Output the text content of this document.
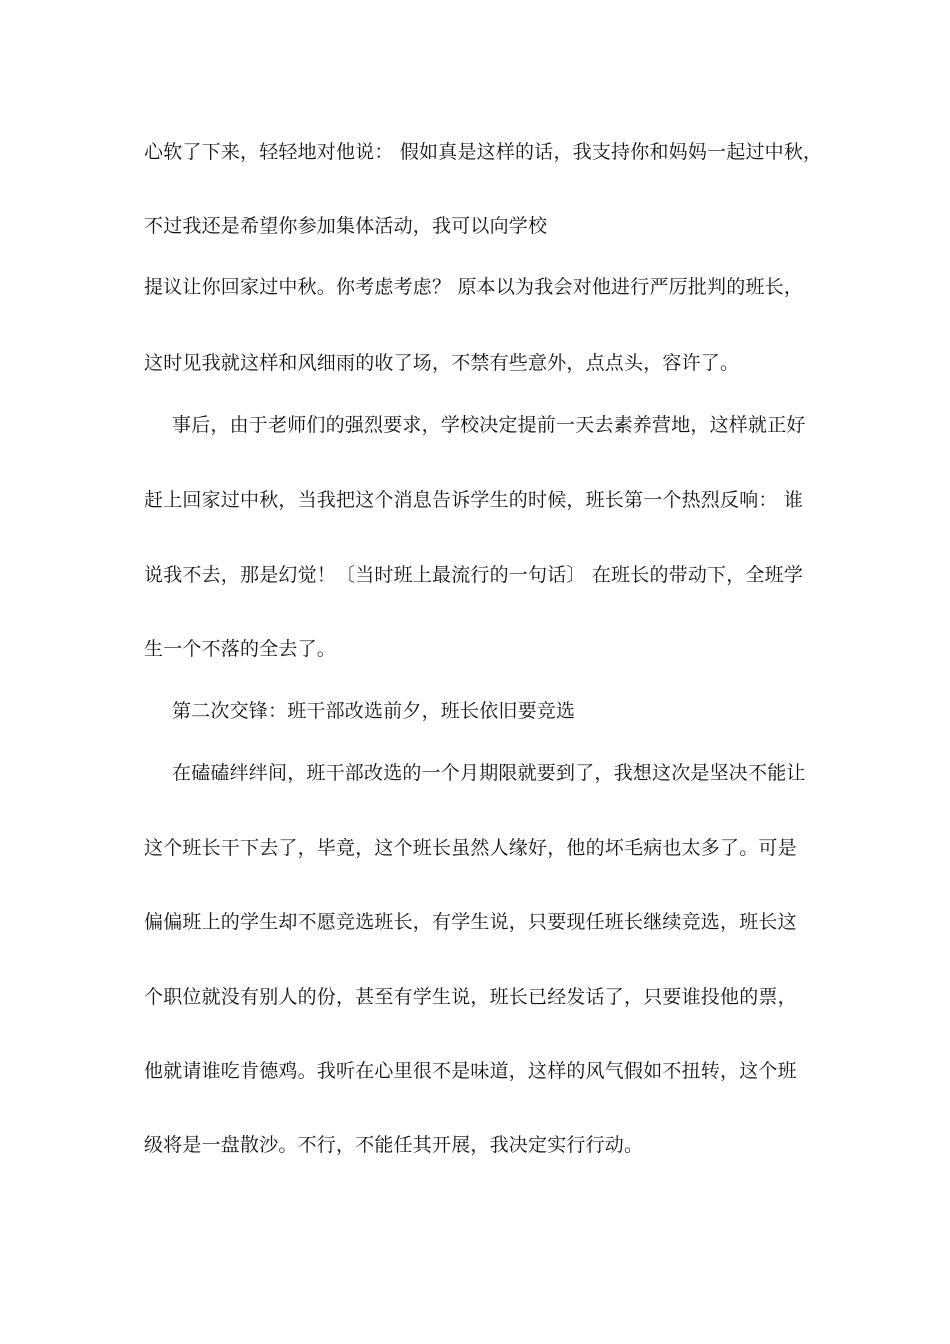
心软了下来，轻轻地对他说： 假如真是这样的话，我支持你和妈妈一起过中秋，
不过我还是希望你参加集体活动，我可以向学校
提议让你回家过中秋。你考虑考虑？ 原本以为我会对他进行严厉批判的班长，
这时见我就这样和风细雨的收了场，不禁有些意外，点点头，容许了。
事后，由于老师们的强烈要求，学校决定提前一天去素养营地，这样就正好
赶上回家过中秋，当我把这个消息告诉学生的时候，班长第一个热烈反响： 谁
说我不去，那是幻觉！〔当时班上最流行的一句话〕 在班长的带动下，全班学
生一个不落的全去了。
第二次交锋：班干部改选前夕，班长依旧要竞选
在磕磕绊绊间，班干部改选的一个月期限就要到了，我想这次是坚决不能让
这个班长干下去了，毕竟，这个班长虽然人缘好，他的坏毛病也太多了。可是
偏偏班上的学生却不愿竞选班长，有学生说，只要现任班长继续竞选，班长这
个职位就没有别人的份，甚至有学生说，班长已经发话了，只要谁投他的票，
他就请谁吃肯德鸡。我听在心里很不是味道，这样的风气假如不扭转，这个班
级将是一盘散沙。不行，不能任其开展，我决定实行行动。
